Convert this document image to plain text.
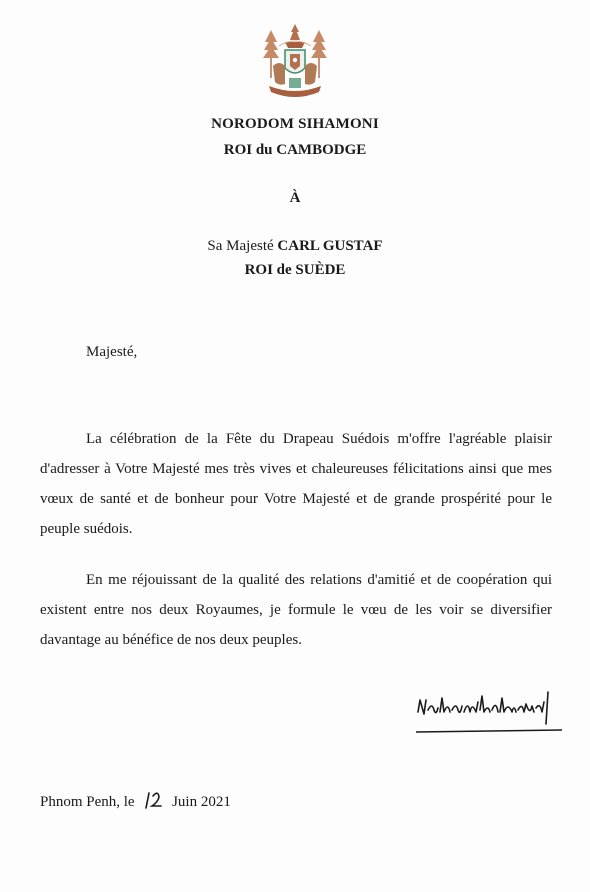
NORODOM SIHAMONI
ROI du CAMBODGE
À
Sa Majesté CARL GUSTAF
ROI de SUÈDE
Majesté,

La célébration de la Fête du Drapeau Suédois m'offre l'agréable plaisir d'adresser à Votre Majesté mes très vives et chaleureuses félicitations ainsi que mes vœux de santé et de bonheur pour Votre Majesté et de grande prospérité pour le peuple suédois.

En me réjouissant de la qualité des relations d'amitié et de coopération qui existent entre nos deux Royaumes, je formule le vœu de les voir se diversifier davantage au bénéfice de nos deux peuples.

Phnom Penh, le	Juin 2021
